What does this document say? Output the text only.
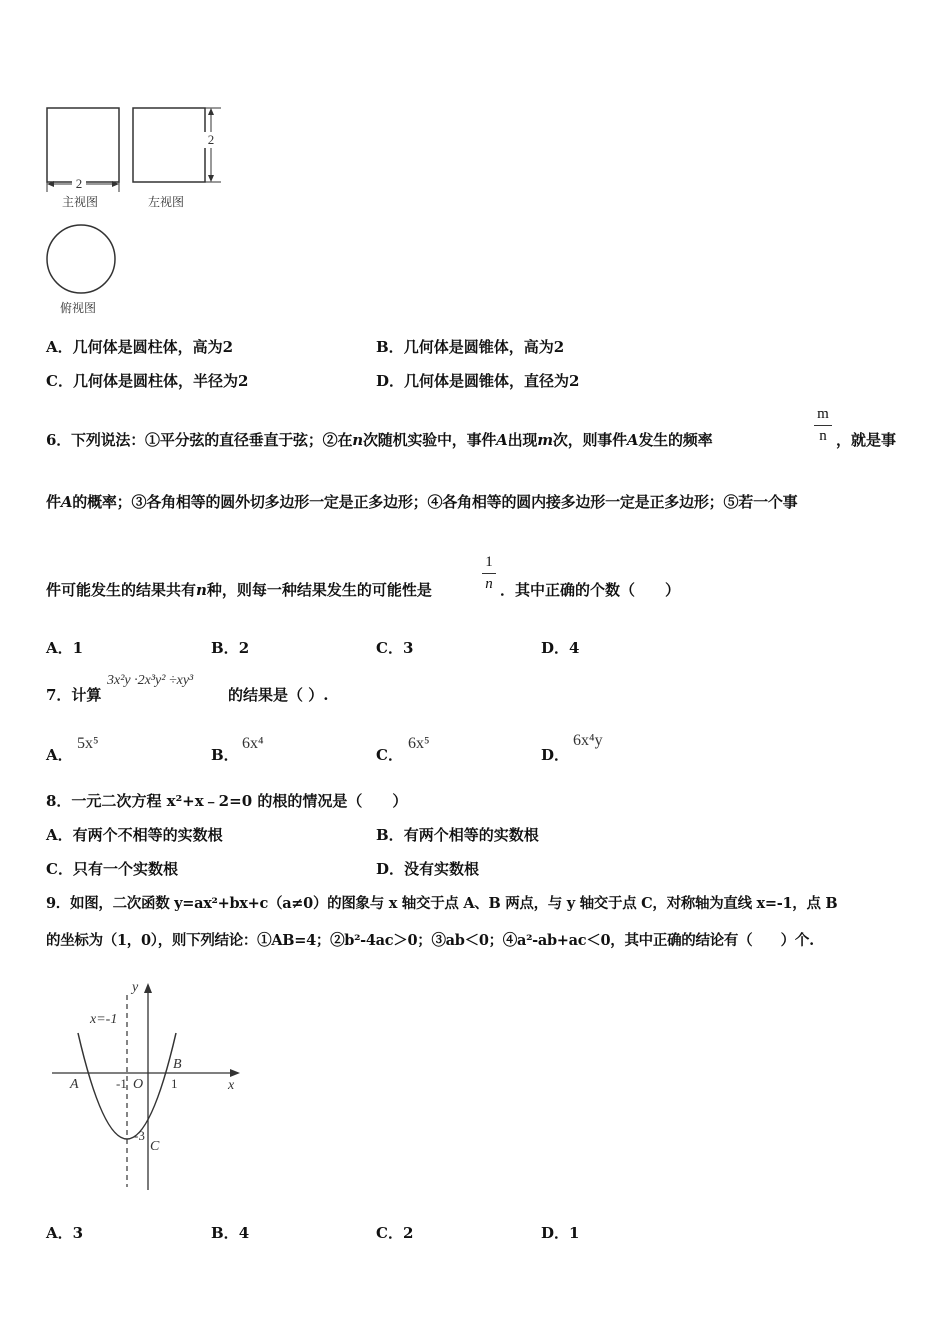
2
2
主视图	左视图
俯视图
A．几何体是圆柱体，高为2	B．几何体是圆锥体，高为2
C．几何体是圆柱体，半径为2	D．几何体是圆锥体，直径为2
6．下列说法：①平分弦的直径垂直于弦；②在n次随机实验中，事件A出现m次，则事件A发生的频率
m
n ，就是事
件A的概率；③各角相等的圆外切多边形一定是正多边形；④各角相等的圆内接多边形一定是正多边形；⑤若一个事
件可能发生的结果共有n种，则每一种结果发生的可能性是
1
n ．其中正确的个数（　　）
A．1	B．2	C．3	D．4
7．计算
3x²y ·2x³y² ÷xy³
的结果是（ ）.
A．
5x⁵
B．
6x⁴
C．
6x⁵
D．
6x⁴y
8．一元二次方程 x²+x﹣2=0 的根的情况是（　　）
A．有两个不相等的实数根	B．有两个相等的实数根
C．只有一个实数根	D．没有实数根
9．如图，二次函数 y=ax²+bx+c（a≠0）的图象与 x 轴交于点 A、B 两点，与 y 轴交于点 C，对称轴为直线 x=-1，点 B
的坐标为（1，0），则下列结论：①AB=4；②b²-4ac＞0；③ab＜0；④a²-ab+ac＜0，其中正确的结论有（　　）个.
y
x
x=-1
A
B
C
O
-1	1
-3
A．3	B．4	C．2	D．1
